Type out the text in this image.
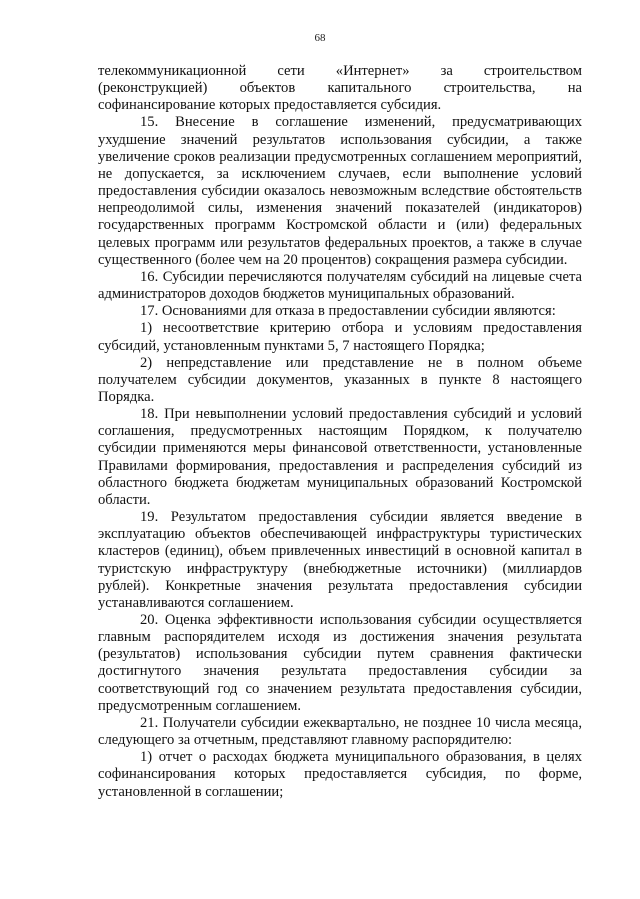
68

телекоммуникационной сети «Интернет» за строительством (реконструкцией) объектов капитального строительства, на софинансирование которых предоставляется субсидия.

15. Внесение в соглашение изменений, предусматривающих ухудшение значений результатов использования субсидии, а также увеличение сроков реализации предусмотренных соглашением мероприятий, не допускается, за исключением случаев, если выполнение условий предоставления субсидии оказалось невозможным вследствие обстоятельств непреодолимой силы, изменения значений показателей (индикаторов) государственных программ Костромской области и (или) федеральных целевых программ или результатов федеральных проектов, а также в случае существенного (более чем на 20 процентов) сокращения размера субсидии.

16. Субсидии перечисляются получателям субсидий на лицевые счета администраторов доходов бюджетов муниципальных образований.

17. Основаниями для отказа в предоставлении субсидии являются:

1) несоответствие критерию отбора и условиям предоставления субсидий, установленным пунктами 5, 7 настоящего Порядка;

2) непредставление или представление не в полном объеме получателем субсидии документов, указанных в пункте 8 настоящего Порядка.

18. При невыполнении условий предоставления субсидий и условий соглашения, предусмотренных настоящим Порядком, к получателю субсидии применяются меры финансовой ответственности, установленные Правилами формирования, предоставления и распределения субсидий из областного бюджета бюджетам муниципальных образований Костромской области.

19. Результатом предоставления субсидии является введение в эксплуатацию объектов обеспечивающей инфраструктуры туристических кластеров (единиц), объем привлеченных инвестиций в основной капитал в туристскую инфраструктуру (внебюджетные источники) (миллиардов рублей). Конкретные значения результата предоставления субсидии устанавливаются соглашением.

20. Оценка эффективности использования субсидии осуществляется главным распорядителем исходя из достижения значения результата (результатов) использования субсидии путем сравнения фактически достигнутого значения результата предоставления субсидии за соответствующий год со значением результата предоставления субсидии, предусмотренным соглашением.

21. Получатели субсидии ежеквартально, не позднее 10 числа месяца, следующего за отчетным, представляют главному распорядителю:

1) отчет о расходах бюджета муниципального образования, в целях софинансирования которых предоставляется субсидия, по форме, установленной в соглашении;
